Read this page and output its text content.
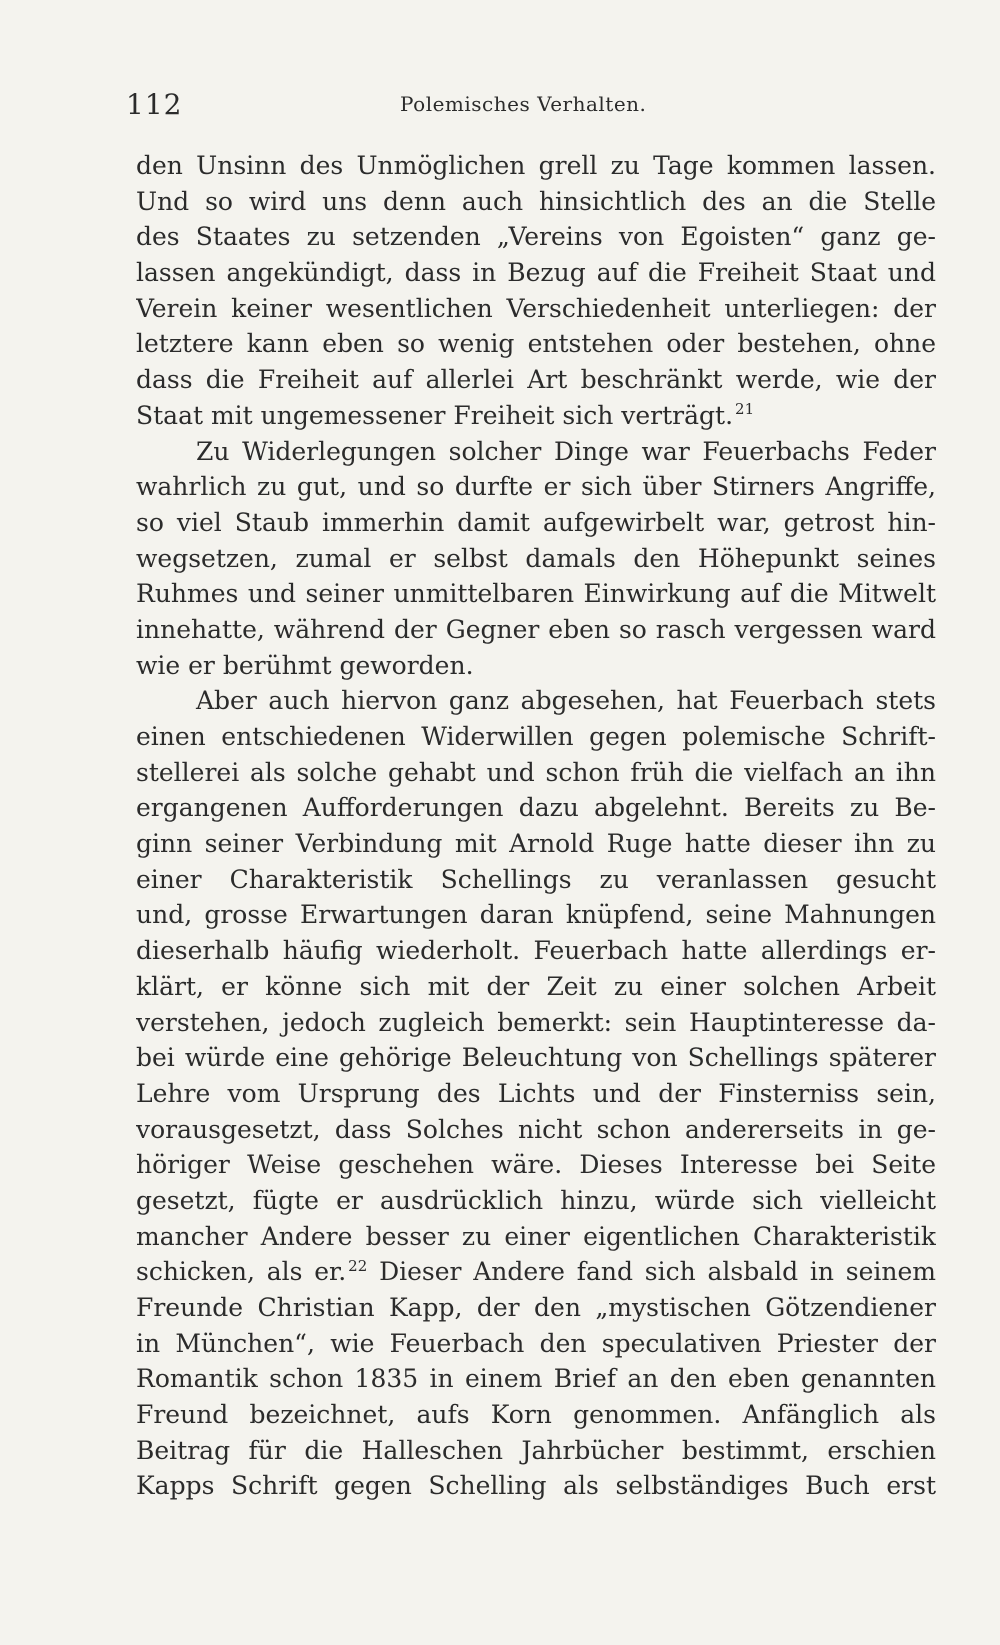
112	Polemisches Verhalten.
den Unsinn des Unmöglichen grell zu Tage kommen lassen.
Und so wird uns denn auch hinsichtlich des an die Stelle
des Staates zu setzenden „Vereins von Egoisten“ ganz ge-
lassen angekündigt, dass in Bezug auf die Freiheit Staat und
Verein keiner wesentlichen Verschiedenheit unterliegen: der
letztere kann eben so wenig entstehen oder bestehen, ohne
dass die Freiheit auf allerlei Art beschränkt werde, wie der
Staat mit ungemessener Freiheit sich verträgt. $^{21}$
Zu Widerlegungen solcher Dinge war Feuerbachs Feder
wahrlich zu gut, und so durfte er sich über Stirners Angriffe,
so viel Staub immerhin damit aufgewirbelt war, getrost hin-
wegsetzen, zumal er selbst damals den Höhepunkt seines
Ruhmes und seiner unmittelbaren Einwirkung auf die Mitwelt
innehatte, während der Gegner eben so rasch vergessen ward
wie er berühmt geworden.
Aber auch hiervon ganz abgesehen, hat Feuerbach stets
einen entschiedenen Widerwillen gegen polemische Schrift-
stellerei als solche gehabt und schon früh die vielfach an ihn
ergangenen Aufforderungen dazu abgelehnt. Bereits zu Be-
ginn seiner Verbindung mit Arnold Ruge hatte dieser ihn zu
einer Charakteristik Schellings zu veranlassen gesucht
und, grosse Erwartungen daran knüpfend, seine Mahnungen
dieserhalb häufig wiederholt. Feuerbach hatte allerdings er-
klärt, er könne sich mit der Zeit zu einer solchen Arbeit
verstehen, jedoch zugleich bemerkt: sein Hauptinteresse da-
bei würde eine gehörige Beleuchtung von Schellings späterer
Lehre vom Ursprung des Lichts und der Finsterniss sein,
vorausgesetzt, dass Solches nicht schon andererseits in ge-
höriger Weise geschehen wäre. Dieses Interesse bei Seite
gesetzt, fügte er ausdrücklich hinzu, würde sich vielleicht
mancher Andere besser zu einer eigentlichen Charakteristik
schicken, als er. $^{22}$ Dieser Andere fand sich alsbald in seinem
Freunde Christian Kapp, der den „mystischen Götzendiener
in München“, wie Feuerbach den speculativen Priester der
Romantik schon 1835 in einem Brief an den eben genannten
Freund bezeichnet, aufs Korn genommen. Anfänglich als
Beitrag für die Halleschen Jahrbücher bestimmt, erschien
Kapps Schrift gegen Schelling als selbständiges Buch erst
